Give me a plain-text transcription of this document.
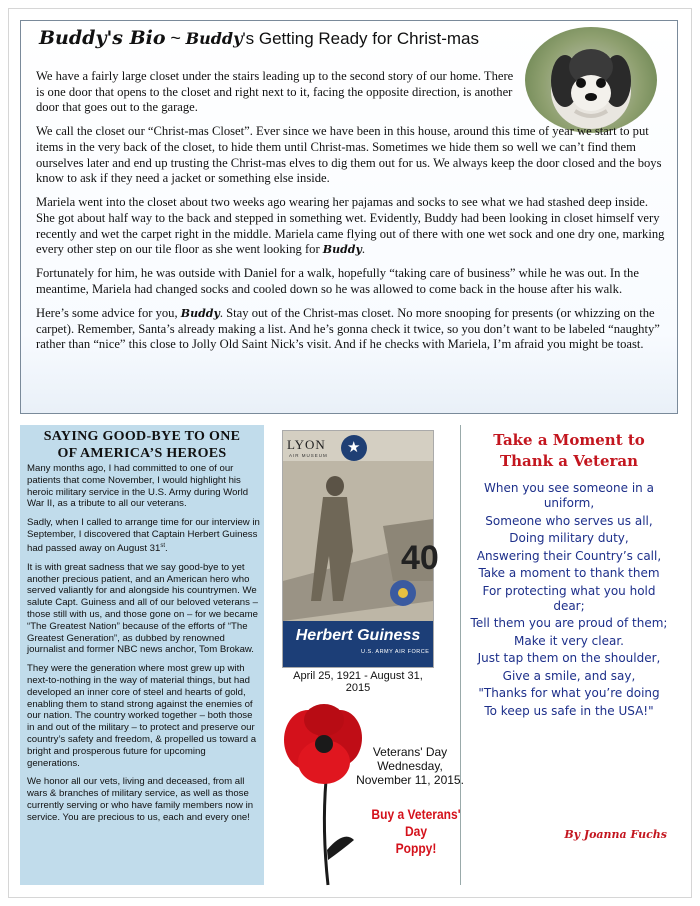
Buddy's Bio ~ Buddy's Getting Ready for Christ-mas

We have a fairly large closet under the stairs leading up to the second story of our home. There is one door that opens to the closet and right next to it, facing the opposite direction, is another door that goes out to the garage.

We call the closet our “Christ-mas Closet”. Ever since we have been in this house, around this time of year we start to put items in the very back of the closet, to hide them until Christ-mas. Sometimes we hide them so well we can’t find them ourselves later and end up trusting the Christ-mas elves to dig them out for us. We always keep the door closed and the boys know to ask if they need a jacket or something else inside.

Mariela went into the closet about two weeks ago wearing her pajamas and socks to see what we had stashed deep inside. She got about half way to the back and stepped in something wet. Evidently, Buddy had been looking in closet himself very recently and wet the carpet right in the middle. Mariela came flying out of there with one wet sock and one dry one, marking every other step on our tile floor as she went looking for Buddy.

Fortunately for him, he was outside with Daniel for a walk, hopefully “taking care of business” while he was out. In the meantime, Mariela had changed socks and cooled down so he was allowed to come back in the house after his walk.

Here’s some advice for you, Buddy. Stay out of the Christ-mas closet. No more snooping for presents (or whizzing on the carpet). Remember, Santa’s already making a list. And he’s gonna check it twice, so you don’t want to be labeled “naughty” rather than “nice” this close to Jolly Old Saint Nick’s visit. And if he checks with Mariela, I’m afraid you might be toast.

SAYING GOOD-BYE TO ONE
OF AMERICA’S HEROES

Many months ago, I had committed to one of our patients that come November, I would highlight his heroic military service in the U.S. Army during World War II, as a tribute to all our veterans.

Sadly, when I called to arrange time for our interview in September, I discovered that Captain Herbert Guiness had passed away on August 31st.

It is with great sadness that we say good-bye to yet another precious patient, and an American hero who served valiantly for and alongside his countrymen. We salute Capt. Guiness and all of our beloved veterans – those still with us, and those gone on – for we became “The Greatest Nation” because of the efforts of “The Greatest Generation”, as dubbed by renowned journalist and former NBC news anchor, Tom Brokaw.

They were the generation where most grew up with next-to-nothing in the way of material things, but had developed an inner core of steel and hearts of gold, enabling them to stand strong against the enemies of our nation. The country worked together – both those in and out of the military – to protect and preserve our country’s safety and freedom, & propelled us toward a bright and prosperous future for upcoming generations.

We honor all our vets, living and deceased, from all wars & branches of military service, as well as those currently serving or who have family members now in service. You are precious to us, each and every one!

40
★
LYON
AIR MUSEUM
Herbert Guiness
U.S. ARMY AIR FORCE
April 25, 1921 - August 31, 2015
Veterans' Day
Wednesday,
November 11, 2015.
Buy a Veterans' Day
Poppy!
Take a Moment to
Thank a Veteran
When you see someone in a uniform,
Someone who serves us all,
Doing military duty,
Answering their Country’s call,
Take a moment to thank them
For protecting what you hold dear;
Tell them you are proud of them;
Make it very clear.
Just tap them on the shoulder,
Give a smile, and say,
"Thanks for what you’re doing
To keep us safe in the USA!"
By Joanna Fuchs
